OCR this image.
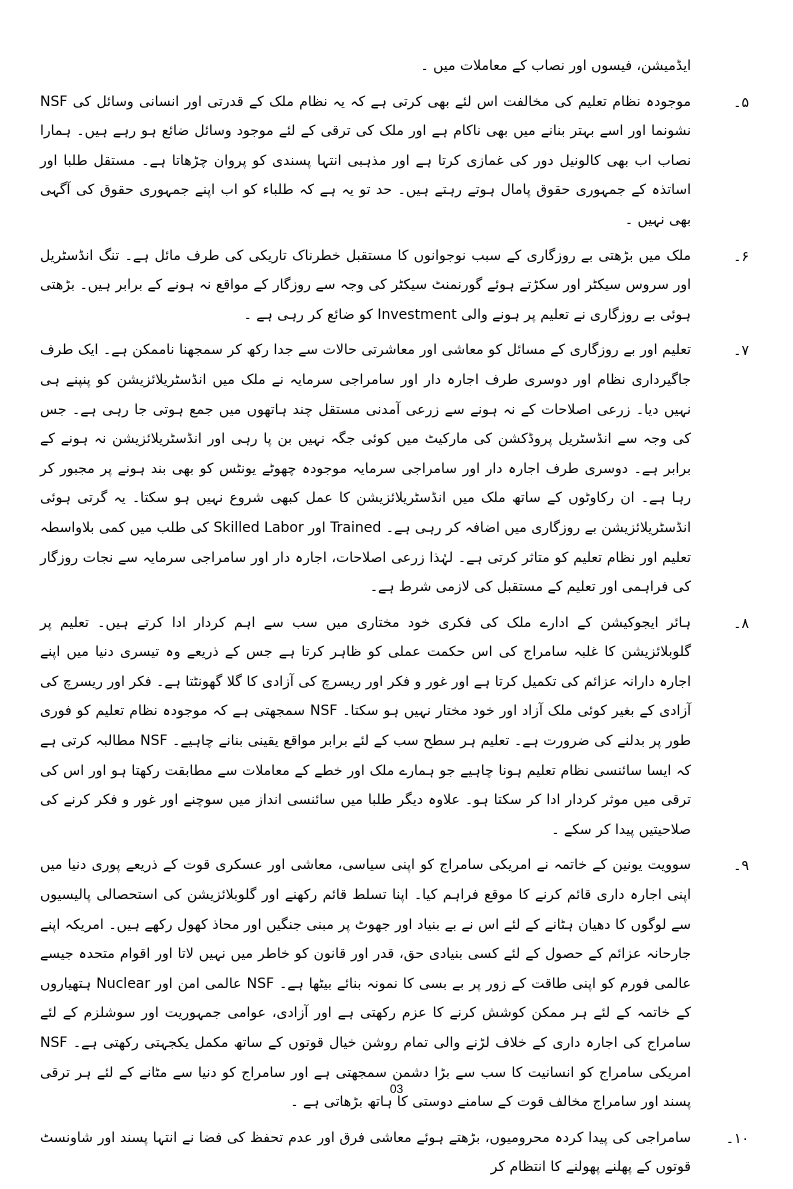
ایڈمیشن، فیسوں اور نصاب کے معاملات میں ۔
۵۔
NSF موجودہ نظام تعلیم کی مخالفت اس لئے بھی کرتی ہے کہ یہ نظام ملک کے قدرتی اور انسانی وسائل کی نشونما اور اسے بہتر بنانے میں بھی ناکام ہے اور ملک کی ترقی کے لئے موجود وسائل ضائع ہو رہے ہیں۔ ہمارا نصاب اب بھی کالونیل دور کی غمازی کرتا ہے اور مذہبی انتہا پسندی کو پروان چڑھاتا ہے۔ مستقل طلبا اور اساتذہ کے جمہوری حقوق پامال ہوتے رہتے ہیں۔ حد تو یہ ہے کہ طلباء کو اب اپنے جمہوری حقوق کی آگہی بھی نہیں ۔
۶۔
ملک میں بڑھتی بے روزگاری کے سبب نوجوانوں کا مستقبل خطرناک تاریکی کی طرف مائل ہے۔ تنگ انڈسٹریل اور سروس سیکٹر اور سکڑتے ہوئے گورنمنٹ سیکٹر کی وجہ سے روزگار کے مواقع نہ ہونے کے برابر ہیں۔ بڑھتی ہوئی بے روزگاری نے تعلیم پر ہونے والی Investment کو ضائع کر رہی ہے ۔
۷۔
تعلیم اور بے روزگاری کے مسائل کو معاشی اور معاشرتی حالات سے جدا رکھ کر سمجھنا ناممکن ہے۔ ایک طرف جاگیرداری نظام اور دوسری طرف اجارہ دار اور سامراجی سرمایہ نے ملک میں انڈسٹریلائزیشن کو پنپنے ہی نہیں دیا۔ زرعی اصلاحات کے نہ ہونے سے زرعی آمدنی مستقل چند ہاتھوں میں جمع ہوتی جا رہی ہے۔ جس کی وجہ سے انڈسٹریل پروڈکشن کی مارکیٹ میں کوئی جگہ نہیں بن پا رہی اور انڈسٹریلائزیشن نہ ہونے کے برابر ہے۔ دوسری طرف اجارہ دار اور سامراجی سرمایہ موجودہ چھوٹے یونٹس کو بھی بند ہونے پر مجبور کر رہا ہے۔ ان رکاوٹوں کے ساتھ ملک میں انڈسٹریلائزیشن کا عمل کبھی شروع نہیں ہو سکتا۔ یہ گرتی ہوئی انڈسٹریلائزیشن بے روزگاری میں اضافہ کر رہی ہے۔ Trained اور Skilled Labor کی طلب میں کمی بلاواسطہ تعلیم اور نظام تعلیم کو متاثر کرتی ہے۔ لہٰذا زرعی اصلاحات، اجارہ دار اور سامراجی سرمایہ سے نجات روزگار کی فراہمی اور تعلیم کے مستقبل کی لازمی شرط ہے۔
۸۔
ہائر ایجوکیشن کے ادارے ملک کی فکری خود مختاری میں سب سے اہم کردار ادا کرتے ہیں۔ تعلیم پر گلوبلائزیشن کا غلبہ سامراج کی اس حکمت عملی کو ظاہر کرتا ہے جس کے ذریعے وہ تیسری دنیا میں اپنے اجارہ دارانہ عزائم کی تکمیل کرتا ہے اور غور و فکر اور ریسرچ کی آزادی کا گلا گھونٹتا ہے۔ فکر اور ریسرچ کی آزادی کے بغیر کوئی ملک آزاد اور خود مختار نہیں ہو سکتا۔ NSF سمجھتی ہے کہ موجودہ نظام تعلیم کو فوری طور پر بدلنے کی ضرورت ہے۔ تعلیم ہر سطح سب کے لئے برابر مواقع یقینی بنانے چاہیے۔ NSF مطالبہ کرتی ہے کہ ایسا سائنسی نظام تعلیم ہونا چاہیے جو ہمارے ملک اور خطے کے معاملات سے مطابقت رکھتا ہو اور اس کی ترقی میں موثر کردار ادا کر سکتا ہو۔ علاوہ دیگر طلبا میں سائنسی انداز میں سوچنے اور غور و فکر کرنے کی صلاحیتیں پیدا کر سکے ۔
۹۔
سوویت یونین کے خاتمہ نے امریکی سامراج کو اپنی سیاسی، معاشی اور عسکری قوت کے ذریعے پوری دنیا میں اپنی اجارہ داری قائم کرنے کا موقع فراہم کیا۔ اپنا تسلط قائم رکھنے اور گلوبلائزیشن کی استحصالی پالیسیوں سے لوگوں کا دھیان ہٹانے کے لئے اس نے بے بنیاد اور جھوٹ پر مبنی جنگیں اور محاذ کھول رکھے ہیں۔ امریکہ اپنے جارحانہ عزائم کے حصول کے لئے کسی بنیادی حق، قدر اور قانون کو خاطر میں نہیں لاتا اور اقوام متحدہ جیسے عالمی فورم کو اپنی طاقت کے زور پر بے بسی کا نمونہ بنائے بیٹھا ہے۔ NSF عالمی امن اور Nuclear ہتھیاروں کے خاتمہ کے لئے ہر ممکن کوشش کرنے کا عزم رکھتی ہے اور آزادی، عوامی جمہوریت اور سوشلزم کے لئے سامراج کی اجارہ داری کے خلاف لڑنے والی تمام روشن خیال قوتوں کے ساتھ مکمل یکجہتی رکھتی ہے۔ NSF امریکی سامراج کو انسانیت کا سب سے بڑا دشمن سمجھتی ہے اور سامراج کو دنیا سے مٹانے کے لئے ہر ترقی پسند اور سامراج مخالف قوت کے سامنے دوستی کا ہاتھ بڑھاتی ہے ۔
۱۰۔
سامراجی کی پیدا کردہ محرومیوں، بڑھتے ہوئے معاشی فرق اور عدم تحفظ کی فضا نے انتہا پسند اور شاونسٹ قوتوں کے پھلنے پھولنے کا انتظام کر
03
